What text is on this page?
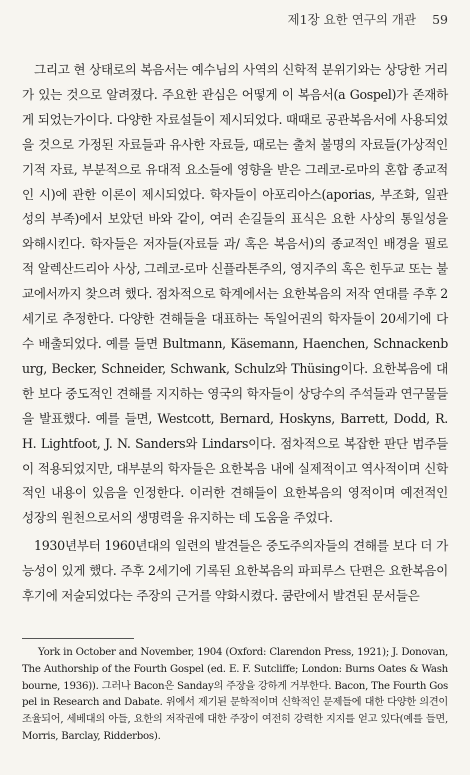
제1장 요한 연구의 개관 59

그리고 현 상태로의 복음서는 예수님의 사역의 신학적 분위기와는 상당한 거리가 있는 것으로 알려졌다. 주요한 관심은 어떻게 이 복음서(a Gospel)가 존재하게 되었는가이다. 다양한 자료설들이 제시되었다. 때때로 공관복음서에 사용되었을 것으로 가정된 자료들과 유사한 자료들, 때로는 출처 불명의 자료들(가상적인 기적 자료, 부분적으로 유대적 요소들에 영향을 받은 그레코-로마의 혼합 종교적인 시)에 관한 이론이 제시되었다. 학자들이 아포리아스(aporias, 부조화, 일관성의 부족)에서 보았던 바와 같이, 여러 손길들의 표식은 요한 사상의 통일성을 와해시킨다. 학자들은 저자들(자료들 과/ 혹은 복음서)의 종교적인 배경을 필로적 알렉산드리아 사상, 그레코-로마 신플라톤주의, 영지주의 혹은 힌두교 또는 불교에서까지 찾으려 했다. 점차적으로 학계에서는 요한복음의 저작 연대를 주후 2세기로 추정한다. 다양한 견해들을 대표하는 독일어권의 학자들이 20세기에 다수 배출되었다. 예를 들면 Bultmann, Käsemann, Haenchen, Schnackenburg, Becker, Schneider, Schwank, Schulz와 Thüsing이다. 요한복음에 대한 보다 중도적인 견해를 지지하는 영국의 학자들이 상당수의 주석들과 연구물들을 발표했다. 예를 들면, Westcott, Bernard, Hoskyns, Barrett, Dodd, R. H. Lightfoot, J. N. Sanders와 Lindars이다. 점차적으로 복잡한 판단 범주들이 적용되었지만, 대부분의 학자들은 요한복음 내에 실제적이고 역사적이며 신학적인 내용이 있음을 인정한다. 이러한 견해들이 요한복음의 영적이며 예전적인 성장의 원천으로서의 생명력을 유지하는 데 도움을 주었다.

1930년부터 1960년대의 일련의 발견들은 중도주의자들의 견해를 보다 더 가능성이 있게 했다. 주후 2세기에 기록된 요한복음의 파피루스 단편은 요한복음이 후기에 저술되었다는 주장의 근거를 약화시켰다. 쿰란에서 발견된 문서들은

York in October and November, 1904 (Oxford: Clarendon Press, 1921); J. Donovan, The Authorship of the Fourth Gospel (ed. E. F. Sutcliffe; London: Burns Oates & Washbourne, 1936)). 그러나 Bacon은 Sanday의 주장을 강하게 거부한다. Bacon, The Fourth Gospel in Research and Dabate. 위에서 제기된 문학적이며 신학적인 문제들에 대한 다양한 의견이 조율되어, 세베대의 아들, 요한의 저작권에 대한 주장이 여전히 강력한 지지를 얻고 있다(예를 들면, Morris, Barclay, Ridderbos).
